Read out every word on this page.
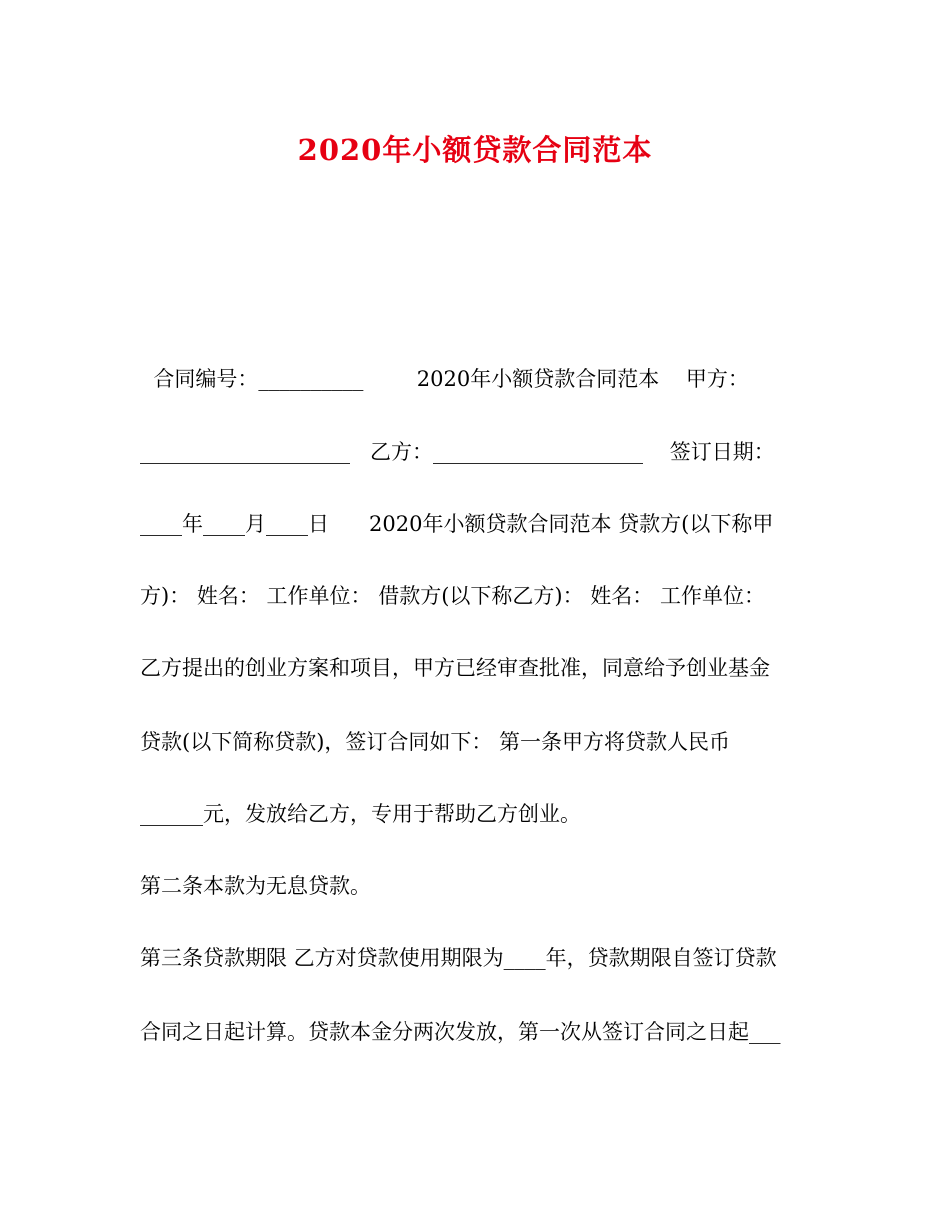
2020年小额贷款合同范本
合同编号：__________        2020年小额贷款合同范本    甲方：
____________________   乙方：____________________    签订日期：
____年____月____日      2020年小额贷款合同范本 贷款方(以下称甲
方)： 姓名： 工作单位： 借款方(以下称乙方)： 姓名： 工作单位：
乙方提出的创业方案和项目，甲方已经审查批准，同意给予创业基金
贷款(以下简称贷款)，签订合同如下： 第一条甲方将贷款人民币
______元，发放给乙方，专用于帮助乙方创业。
第二条本款为无息贷款。
第三条贷款期限 乙方对贷款使用期限为____年，贷款期限自签订贷款
合同之日起计算。贷款本金分两次发放，第一次从签订合同之日起___
